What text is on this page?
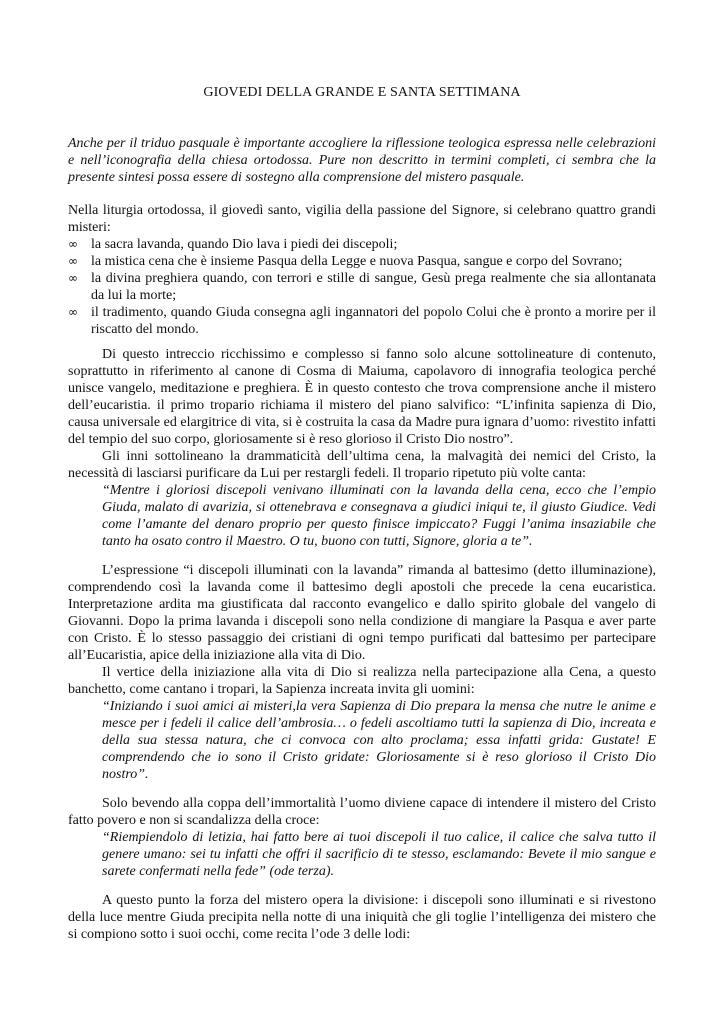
GIOVEDI DELLA GRANDE E SANTA SETTIMANA

Anche per il triduo pasquale è importante accogliere la riflessione teologica espressa nelle celebrazioni e nell’iconografia della chiesa ortodossa. Pure non descritto in termini completi, ci sembra che la presente sintesi possa essere di sostegno alla comprensione del mistero pasquale.

Nella liturgia ortodossa, il giovedì santo, vigilia della passione del Signore, si celebrano quattro grandi misteri:

∞ la sacra lavanda, quando Dio lava i piedi dei discepoli;
∞ la mistica cena che è insieme Pasqua della Legge e nuova Pasqua, sangue e corpo del Sovrano;
∞ la divina preghiera quando, con terrori e stille di sangue, Gesù prega realmente che sia allontanata da lui la morte;
∞ il tradimento, quando Giuda consegna agli ingannatori del popolo Colui che è pronto a morire per il riscatto del mondo.

Di questo intreccio ricchissimo e complesso si fanno solo alcune sottolineature di contenuto, soprattutto in riferimento al canone di Cosma di Maiuma, capolavoro di innografia teologica perché unisce vangelo, meditazione e preghiera. È in questo contesto che trova comprensione anche il mistero dell’eucaristia. il primo tropario richiama il mistero del piano salvifico: “L’infinita sapienza di Dio, causa universale ed elargitrice di vita, si è costruita la casa da Madre pura ignara d’uomo: rivestito infatti del tempio del suo corpo, gloriosamente si è reso glorioso il Cristo Dio nostro”.

Gli inni sottolineano la drammaticità dell’ultima cena, la malvagità dei nemici del Cristo, la necessità di lasciarsi purificare da Lui per restargli fedeli. Il tropario ripetuto più volte canta:

“Mentre i gloriosi discepoli venivano illuminati con la lavanda della cena, ecco che l’empio Giuda, malato di avarizia, si ottenebrava e consegnava a giudici iniqui te, il giusto Giudice. Vedi come l’amante del denaro proprio per questo finisce impiccato? Fuggi l’anima insaziabile che tanto ha osato contro il Maestro. O tu, buono con tutti, Signore, gloria a te”.

L’espressione “i discepoli illuminati con la lavanda” rimanda al battesimo (detto illuminazione), comprendendo così la lavanda come il battesimo degli apostoli che precede la cena eucaristica. Interpretazione ardita ma giustificata dal racconto evangelico e dallo spirito globale del vangelo di Giovanni. Dopo la prima lavanda i discepoli sono nella condizione di mangiare la Pasqua e aver parte con Cristo. È lo stesso passaggio dei cristiani di ogni tempo purificati dal battesimo per partecipare all’Eucaristia, apice della iniziazione alla vita di Dio.

Il vertice della iniziazione alla vita di Dio si realizza nella partecipazione alla Cena, a questo banchetto, come cantano i tropari, la Sapienza increata invita gli uomini:

“Iniziando i suoi amici ai misteri,la vera Sapienza di Dio prepara la mensa che nutre le anime e mesce per i fedeli il calice dell’ambrosia… o fedeli ascoltiamo tutti la sapienza di Dio, increata e della sua stessa natura, che ci convoca con alto proclama; essa infatti grida: Gustate! E comprendendo che io sono il Cristo gridate: Gloriosamente si è reso glorioso il Cristo Dio nostro”.

Solo bevendo alla coppa dell’immortalità l’uomo diviene capace di intendere il mistero del Cristo fatto povero e non si scandalizza della croce:

“Riempiendolo di letizia, hai fatto bere ai tuoi discepoli il tuo calice, il calice che salva tutto il genere umano: sei tu infatti che offri il sacrificio di te stesso, esclamando: Bevete il mio sangue e sarete confermati nella fede” (ode terza).

A questo punto la forza del mistero opera la divisione: i discepoli sono illuminati e si rivestono della luce mentre Giuda precipita nella notte di una iniquità che gli toglie l’intelligenza dei mistero che si compiono sotto i suoi occhi, come recita l’ode 3 delle lodi:
